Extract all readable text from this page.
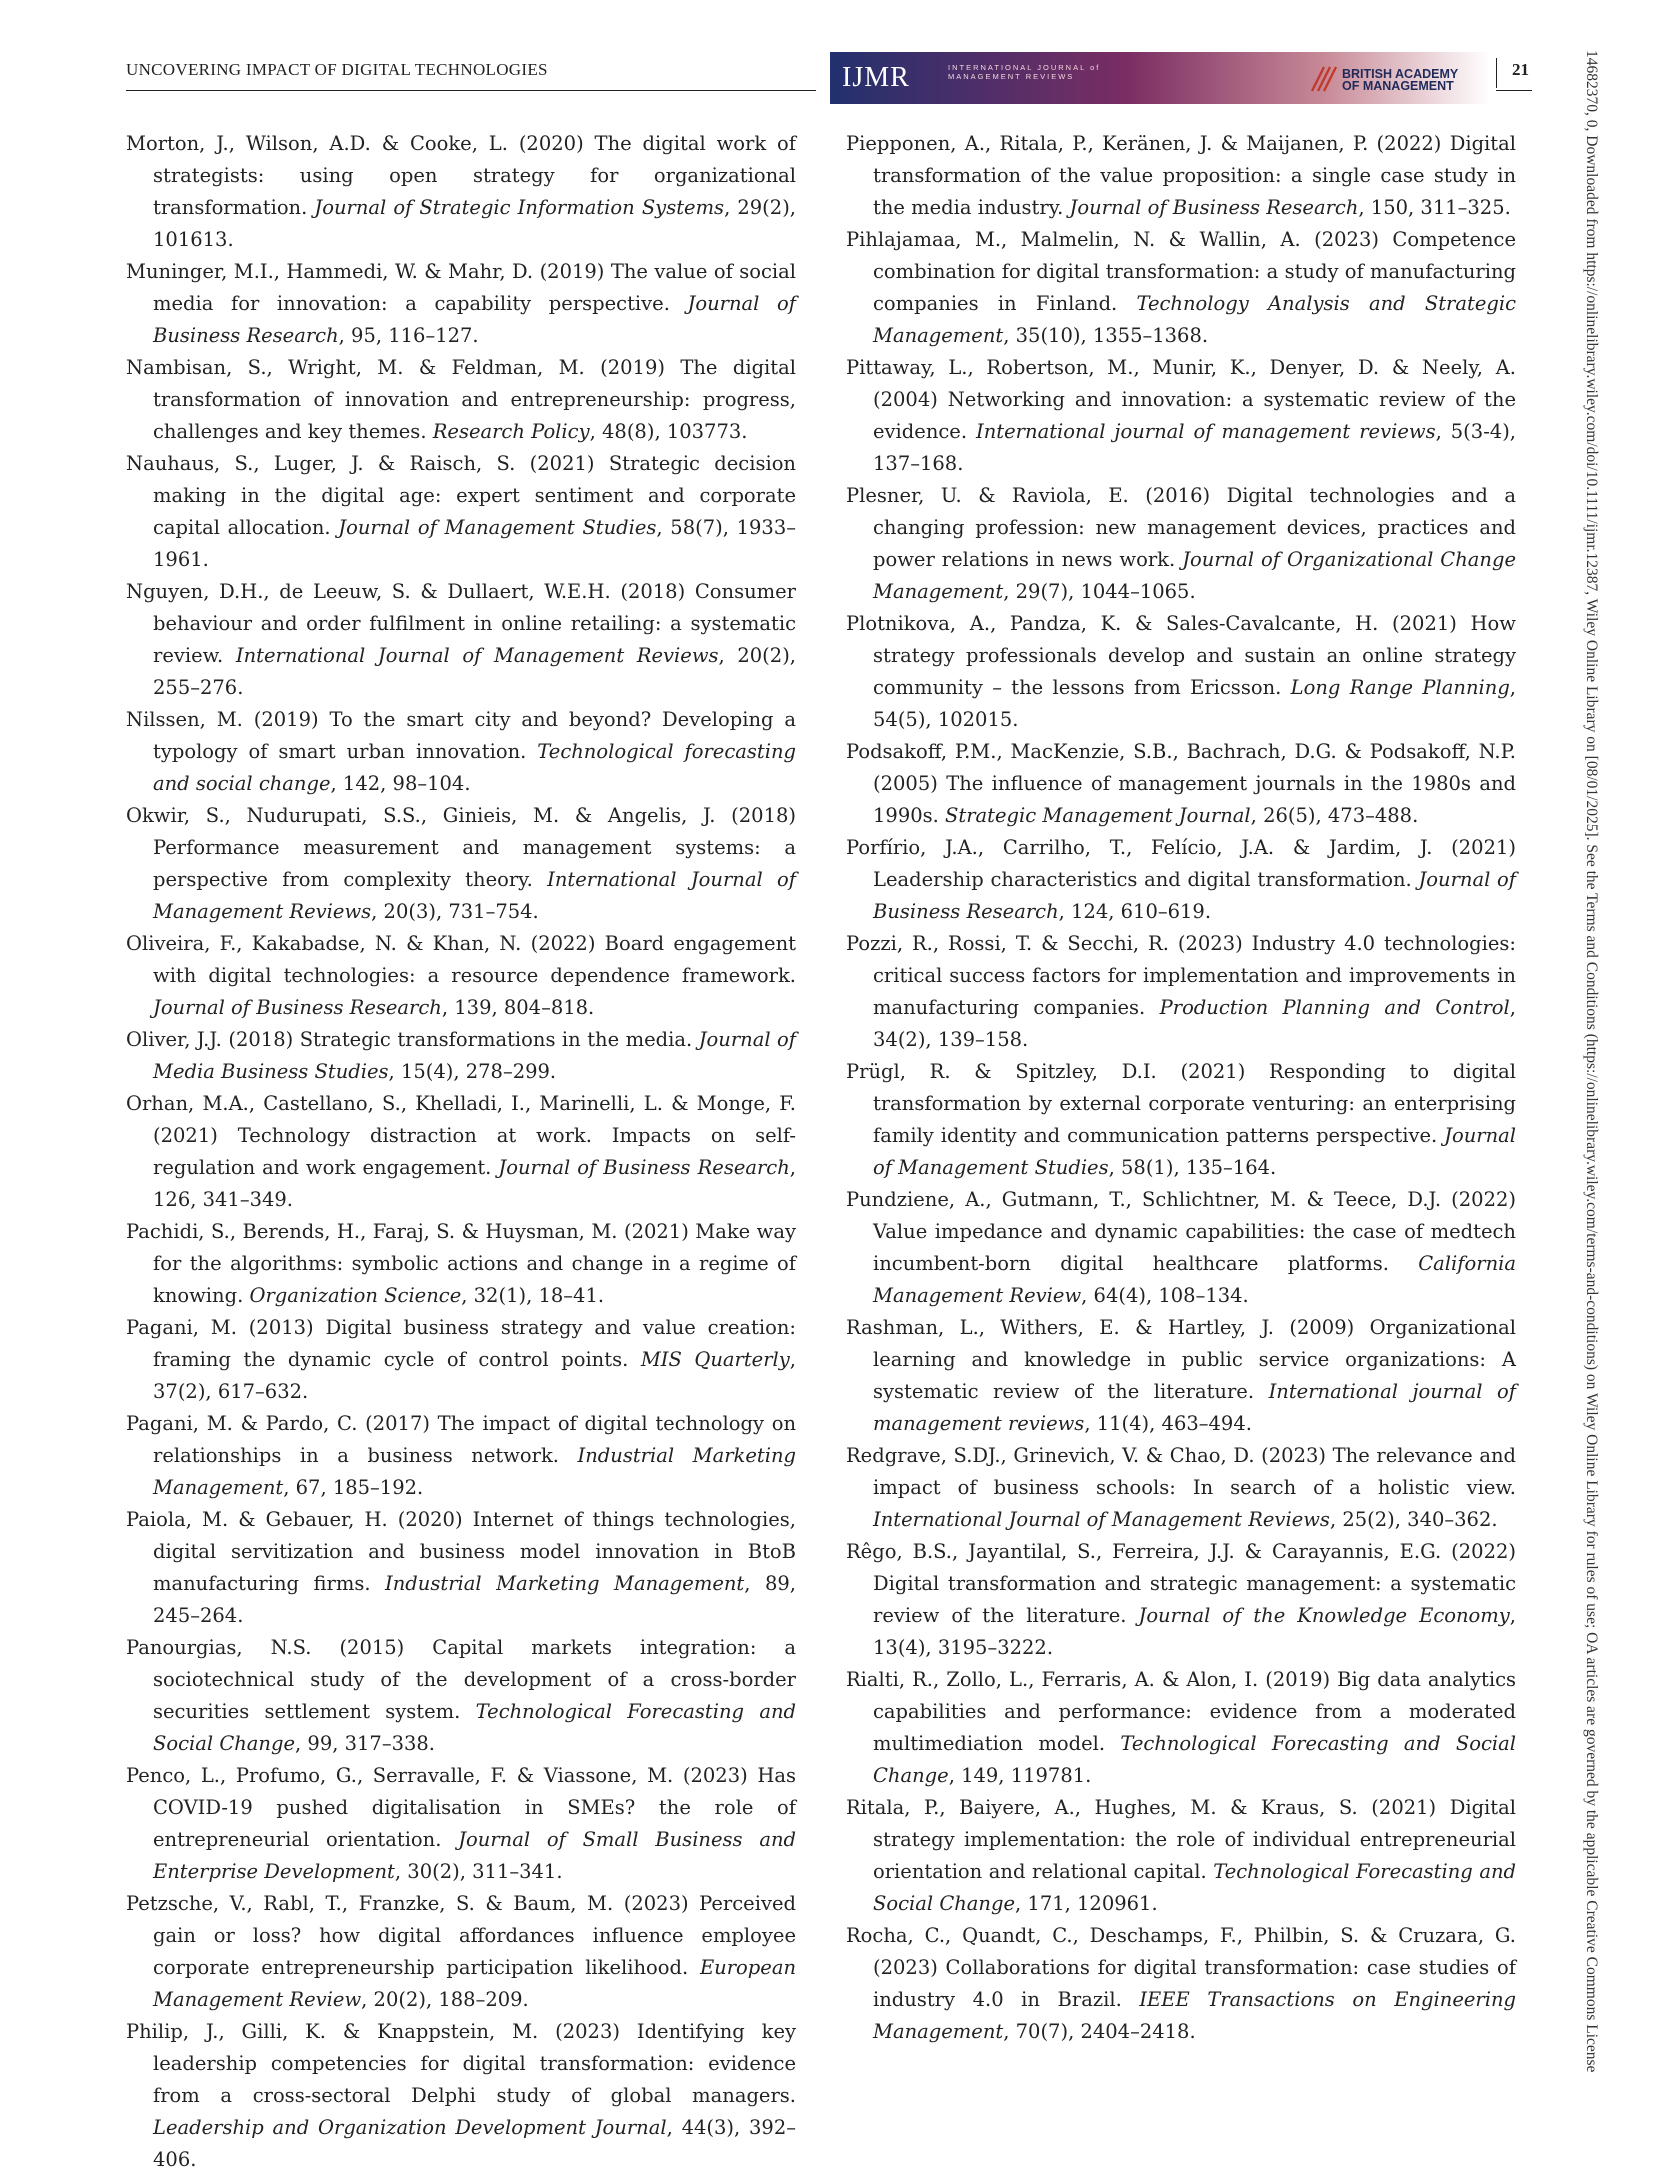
UNCOVERING IMPACT OF DIGITAL TECHNOLOGIES	IJMR	INTERNATIONAL JOURNAL of MANAGEMENT REVIEWS	BRITISH ACADEMY
OF MANAGEMENT
21

Morton, J., Wilson, A.D. & Cooke, L. (2020) The digital work of strategists: using open strategy for organizational transformation. Journal of Strategic Information Systems, 29(2), 101613.

Muninger, M.I., Hammedi, W. & Mahr, D. (2019) The value of social media for innovation: a capability perspective. Journal of Business Research, 95, 116–127.

Nambisan, S., Wright, M. & Feldman, M. (2019) The digital transformation of innovation and entrepreneurship: progress, challenges and key themes. Research Policy, 48(8), 103773.

Nauhaus, S., Luger, J. & Raisch, S. (2021) Strategic decision making in the digital age: expert sentiment and corporate capital allocation. Journal of Management Studies, 58(7), 1933–1961.

Nguyen, D.H., de Leeuw, S. & Dullaert, W.E.H. (2018) Consumer behaviour and order fulfilment in online retailing: a systematic review. International Journal of Management Reviews, 20(2), 255–276.

Nilssen, M. (2019) To the smart city and beyond? Developing a typology of smart urban innovation. Technological forecasting and social change, 142, 98–104.

Okwir, S., Nudurupati, S.S., Ginieis, M. & Angelis, J. (2018) Performance measurement and management systems: a perspective from complexity theory. International Journal of Management Reviews, 20(3), 731–754.

Oliveira, F., Kakabadse, N. & Khan, N. (2022) Board engagement with digital technologies: a resource dependence framework. Journal of Business Research, 139, 804–818.

Oliver, J.J. (2018) Strategic transformations in the media. Journal of Media Business Studies, 15(4), 278–299.

Orhan, M.A., Castellano, S., Khelladi, I., Marinelli, L. & Monge, F. (2021) Technology distraction at work. Impacts on self-regulation and work engagement. Journal of Business Research, 126, 341–349.

Pachidi, S., Berends, H., Faraj, S. & Huysman, M. (2021) Make way for the algorithms: symbolic actions and change in a regime of knowing. Organization Science, 32(1), 18–41.

Pagani, M. (2013) Digital business strategy and value creation: framing the dynamic cycle of control points. MIS Quarterly, 37(2), 617–632.

Pagani, M. & Pardo, C. (2017) The impact of digital technology on relationships in a business network. Industrial Marketing Management, 67, 185–192.

Paiola, M. & Gebauer, H. (2020) Internet of things technologies, digital servitization and business model innovation in BtoB manufacturing firms. Industrial Marketing Management, 89, 245–264.

Panourgias, N.S. (2015) Capital markets integration: a sociotechnical study of the development of a cross-border securities settlement system. Technological Forecasting and Social Change, 99, 317–338.

Penco, L., Profumo, G., Serravalle, F. & Viassone, M. (2023) Has COVID-19 pushed digitalisation in SMEs? the role of entrepreneurial orientation. Journal of Small Business and Enterprise Development, 30(2), 311–341.

Petzsche, V., Rabl, T., Franzke, S. & Baum, M. (2023) Perceived gain or loss? how digital affordances influence employee corporate entrepreneurship participation likelihood. European Management Review, 20(2), 188–209.

Philip, J., Gilli, K. & Knappstein, M. (2023) Identifying key leadership competencies for digital transformation: evidence from a cross-sectoral Delphi study of global managers. Leadership and Organization Development Journal, 44(3), 392–406.

Piepponen, A., Ritala, P., Keränen, J. & Maijanen, P. (2022) Digital transformation of the value proposition: a single case study in the media industry. Journal of Business Research, 150, 311–325.

Pihlajamaa, M., Malmelin, N. & Wallin, A. (2023) Competence combination for digital transformation: a study of manufacturing companies in Finland. Technology Analysis and Strategic Management, 35(10), 1355–1368.

Pittaway, L., Robertson, M., Munir, K., Denyer, D. & Neely, A. (2004) Networking and innovation: a systematic review of the evidence. International journal of management reviews, 5(3-4), 137–168.

Plesner, U. & Raviola, E. (2016) Digital technologies and a changing profession: new management devices, practices and power relations in news work. Journal of Organizational Change Management, 29(7), 1044–1065.

Plotnikova, A., Pandza, K. & Sales-Cavalcante, H. (2021) How strategy professionals develop and sustain an online strategy community – the lessons from Ericsson. Long Range Planning, 54(5), 102015.

Podsakoff, P.M., MacKenzie, S.B., Bachrach, D.G. & Podsakoff, N.P. (2005) The influence of management journals in the 1980s and 1990s. Strategic Management Journal, 26(5), 473–488.

Porfírio, J.A., Carrilho, T., Felício, J.A. & Jardim, J. (2021) Leadership characteristics and digital transformation. Journal of Business Research, 124, 610–619.

Pozzi, R., Rossi, T. & Secchi, R. (2023) Industry 4.0 technologies: critical success factors for implementation and improvements in manufacturing companies. Production Planning and Control, 34(2), 139–158.

Prügl, R. & Spitzley, D.I. (2021) Responding to digital transformation by external corporate venturing: an enterprising family identity and communication patterns perspective. Journal of Management Studies, 58(1), 135–164.

Pundziene, A., Gutmann, T., Schlichtner, M. & Teece, D.J. (2022) Value impedance and dynamic capabilities: the case of medtech incumbent-born digital healthcare platforms. California Management Review, 64(4), 108–134.

Rashman, L., Withers, E. & Hartley, J. (2009) Organizational learning and knowledge in public service organizations: A systematic review of the literature. International journal of management reviews, 11(4), 463–494.

Redgrave, S.DJ., Grinevich, V. & Chao, D. (2023) The relevance and impact of business schools: In search of a holistic view. International Journal of Management Reviews, 25(2), 340–362.

Rêgo, B.S., Jayantilal, S., Ferreira, J.J. & Carayannis, E.G. (2022) Digital transformation and strategic management: a systematic review of the literature. Journal of the Knowledge Economy, 13(4), 3195–3222.

Rialti, R., Zollo, L., Ferraris, A. & Alon, I. (2019) Big data analytics capabilities and performance: evidence from a moderated multimediation model. Technological Forecasting and Social Change, 149, 119781.

Ritala, P., Baiyere, A., Hughes, M. & Kraus, S. (2021) Digital strategy implementation: the role of individual entrepreneurial orientation and relational capital. Technological Forecasting and Social Change, 171, 120961.

Rocha, C., Quandt, C., Deschamps, F., Philbin, S. & Cruzara, G. (2023) Collaborations for digital transformation: case studies of industry 4.0 in Brazil. IEEE Transactions on Engineering Management, 70(7), 2404–2418.	14682370, 0, Downloaded from https://onlinelibrary.wiley.com/doi/10.1111/ijmr.12387, Wiley Online Library on [08/01/2025]. See the Terms and Conditions (https://onlinelibrary.wiley.com/terms-and-conditions) on Wiley Online Library for rules of use; OA articles are governed by the applicable Creative Commons License
